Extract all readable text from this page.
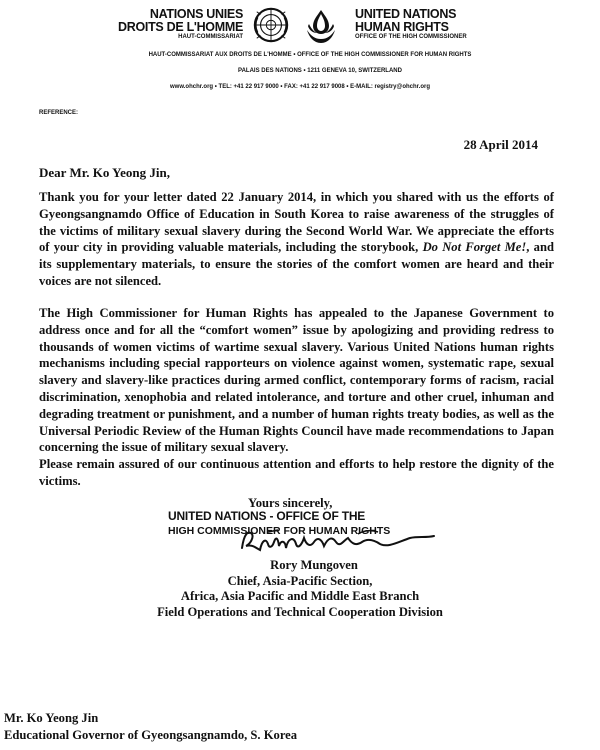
NATIONS UNIES
DROITS DE L'HOMME
HAUT-COMMISSARIAT
UNITED NATIONS
HUMAN RIGHTS
OFFICE OF THE HIGH COMMISSIONER
HAUT-COMMISSARIAT AUX DROITS DE L'HOMME • OFFICE OF THE HIGH COMMISSIONER FOR HUMAN RIGHTS
PALAIS DES NATIONS • 1211 GENEVA 10, SWITZERLAND
www.ohchr.org • TEL: +41 22 917 9000 • FAX: +41 22 917 9008 • E-MAIL: registry@ohchr.org
REFERENCE:
28 April 2014
Dear Mr. Ko Yeong Jin,

Thank you for your letter dated 22 January 2014, in which you shared with us the efforts of Gyeongsangnamdo Office of Education in South Korea to raise awareness of the struggles of the victims of military sexual slavery during the Second World War. We appreciate the efforts of your city in providing valuable materials, including the storybook, Do Not Forget Me!, and its supplementary materials, to ensure the stories of the comfort women are heard and their voices are not silenced.

The High Commissioner for Human Rights has appealed to the Japanese Government to address once and for all the “comfort women” issue by apologizing and providing redress to thousands of women victims of wartime sexual slavery. Various United Nations human rights mechanisms including special rapporteurs on violence against women, systematic rape, sexual slavery and slavery-like practices during armed conflict, contemporary forms of racism, racial discrimination, xenophobia and related intolerance, and torture and other cruel, inhuman and degrading treatment or punishment, and a number of human rights treaty bodies, as well as the Universal Periodic Review of the Human Rights Council have made recommendations to Japan concerning the issue of military sexual slavery.

Please remain assured of our continuous attention and efforts to help restore the dignity of the victims.

Yours sincerely,
UNITED NATIONS - OFFICE OF THE
HIGH COMMISSIONER FOR HUMAN RIGHTS
Rory Mungoven
Chief, Asia-Pacific Section,
Africa, Asia Pacific and Middle East Branch
Field Operations and Technical Cooperation Division
Mr. Ko Yeong Jin
Educational Governor of Gyeongsangnamdo, S. Korea
